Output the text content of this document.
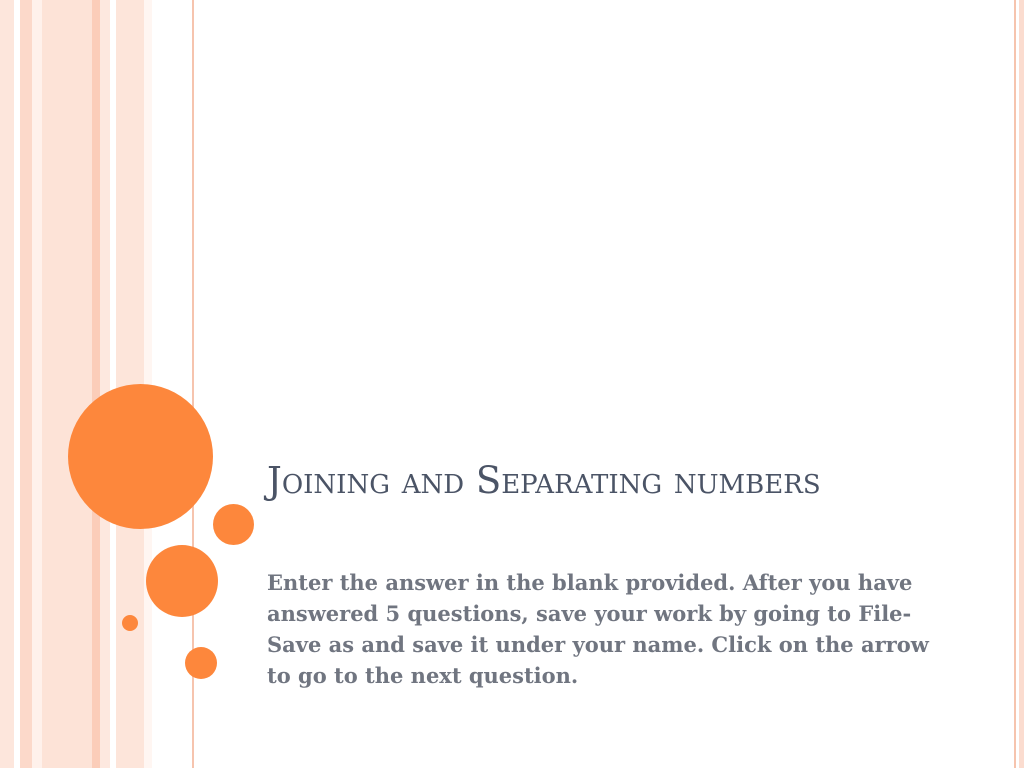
Joining and Separating numbers

Enter the answer in the blank provided. After you have answered 5 questions, save your work by going to File-Save as and save it under your name. Click on the arrow to go to the next question.
